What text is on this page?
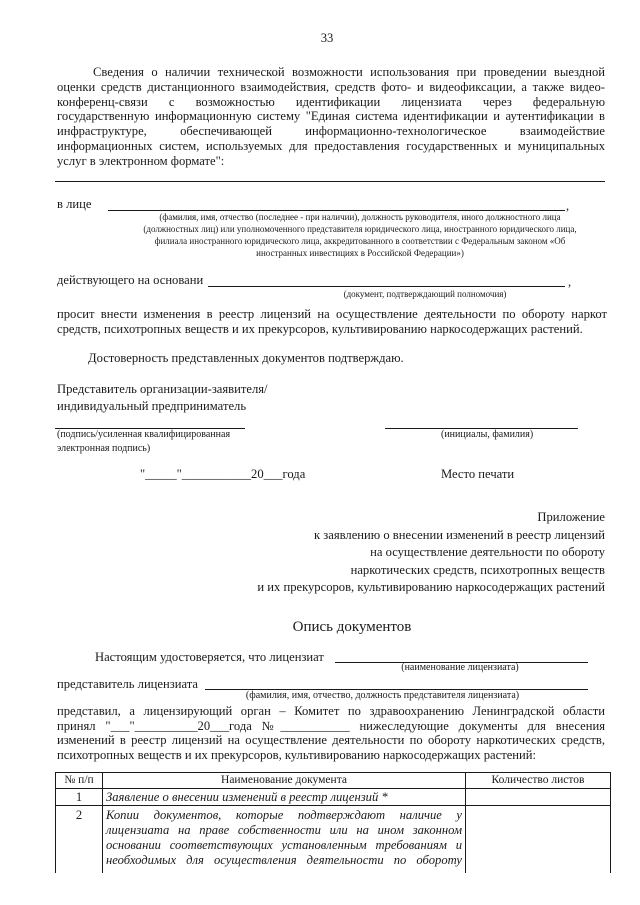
33
Сведения о наличии технической возможности использования при проведении выездной
оценки средств дистанционного взаимодействия, средств фото- и видеофиксации, а также видео-
конференц-связи с возможностью идентификации лицензиата через федеральную
государственную информационную систему "Единая система идентификации и аутентификации в
инфраструктуре, обеспечивающей информационно-технологическое взаимодействие
информационных систем, используемых для предоставления государственных и муниципальных
услуг в электронном формате":
в лице	,
(фамилия, имя, отчество (последнее - при наличии), должность руководителя, иного должностного лица
(должностных лиц) или уполномоченного представителя юридического лица, иностранного юридического лица,
филиала иностранного юридического лица, аккредитованного в соответствии с Федеральным законом «Об
иностранных инвестициях в Российской Федерации»)
действующего на основани	,
(документ, подтверждающий полномочия)
просит внести изменения в реестр лицензий на осуществление деятельности по обороту наркот
средств, психотропных веществ и их прекурсоров, культивированию наркосодержащих растений.
Достоверность представленных документов подтверждаю.
Представитель организации-заявителя/
индивидуальный предприниматель
(подпись/усиленная квалифицированная
электронная подпись)
(инициалы, фамилия)
"_____"___________20___года	Место печати
Приложение
к заявлению о внесении изменений в реестр лицензий
на осуществление деятельности по обороту
наркотических средств, психотропных веществ
и их прекурсоров, культивированию наркосодержащих растений
Опись документов
Настоящим удостоверяется, что лицензиат
(наименование лицензиата)
представитель лицензиата
(фамилия, имя, отчество, должность представителя лицензиата)
представил, а лицензирующий орган – Комитет по здравоохранению Ленинградской области
принял "___"__________20___года №___________ нижеследующие документы для внесения
изменений в реестр лицензий на осуществление деятельности по обороту наркотических средств,
психотропных веществ и их прекурсоров, культивированию наркосодержащих растений:
№ п/п	Наименование документа	Количество листов
1	Заявление о внесении изменений в реестр лицензий *	

2	Копии документов, которые подтверждают наличие у
лицензиата на праве собственности или на ином законном
основании соответствующих установленным требованиям и
необходимых для осуществления деятельности по обороту	
